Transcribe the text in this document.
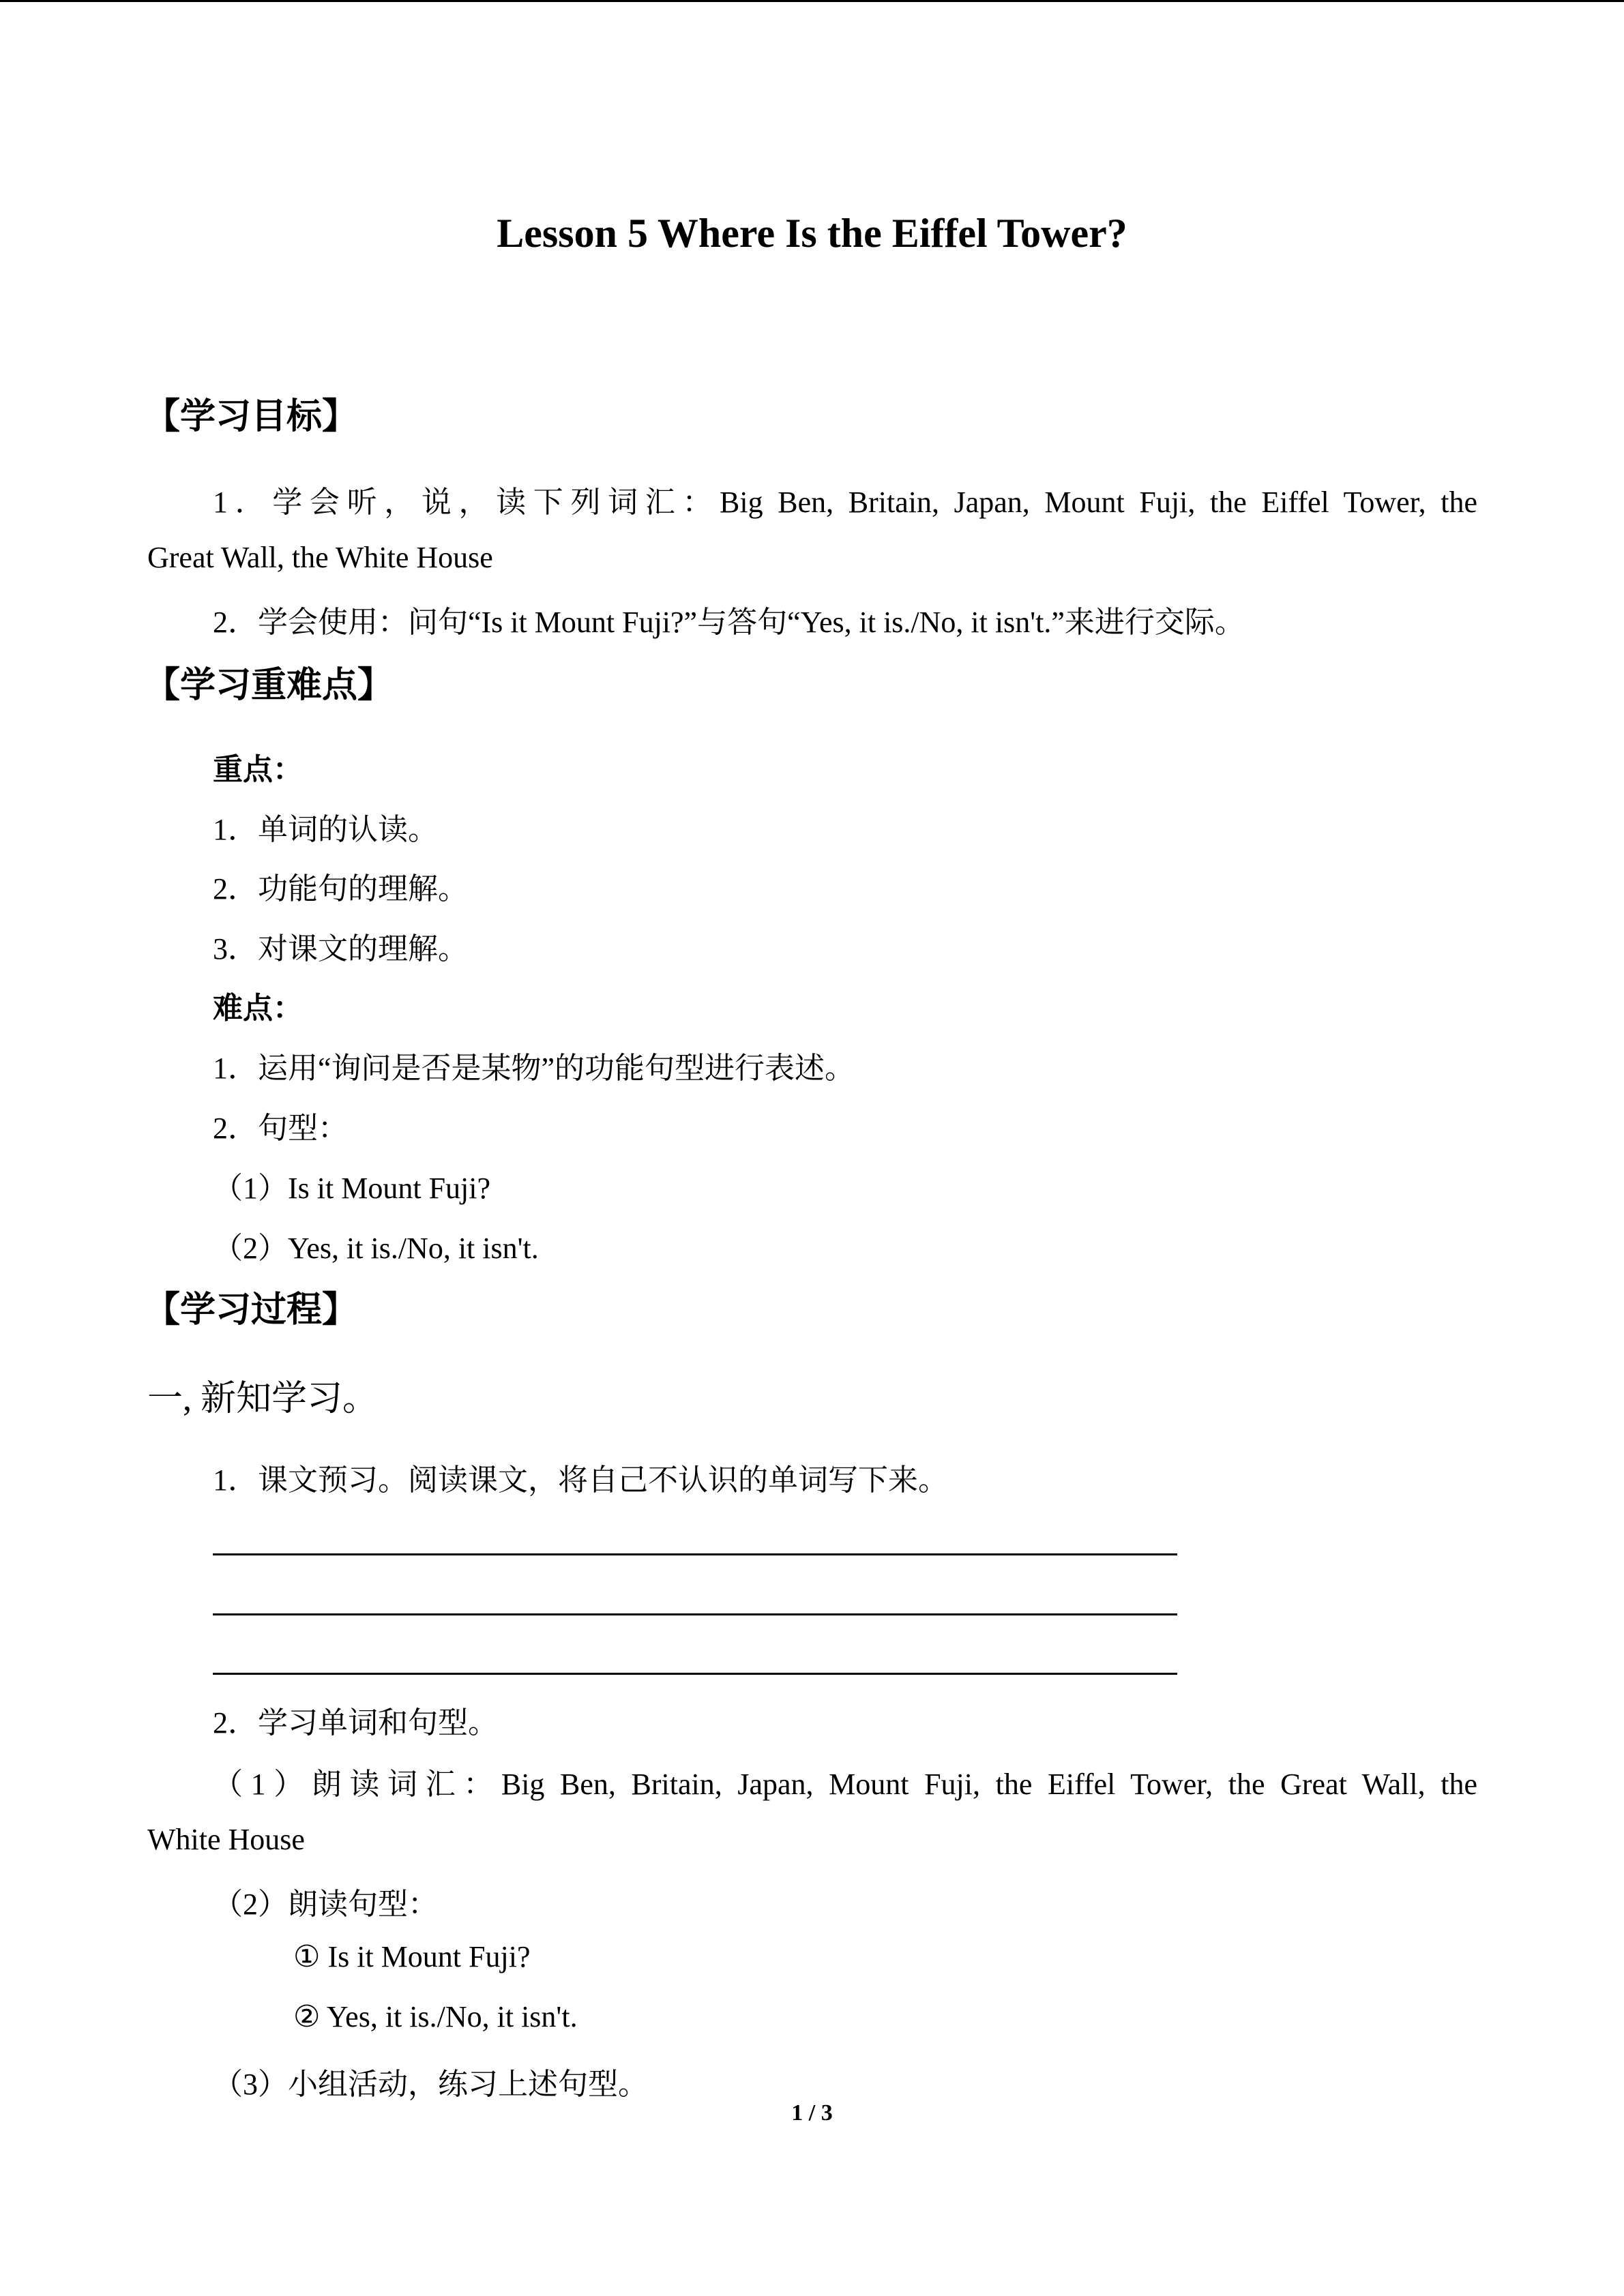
Lesson 5 Where Is the Eiffel Tower?
【学习目标】
1．学会听，说，读下列词汇：Big Ben, Britain, Japan, Mount Fuji, the Eiffel Tower, the
Great Wall, the White House
2．学会使用：问句“Is it Mount Fuji?”与答句“Yes, it is./No, it isn't.”来进行交际。
【学习重难点】
重点：
1．单词的认读。
2．功能句的理解。
3．对课文的理解。
难点：
1．运用“询问是否是某物”的功能句型进行表述。
2．句型：
（1）Is it Mount Fuji?
（2）Yes, it is./No, it isn't.
【学习过程】
一, 新知学习。
1．课文预习。阅读课文，将自己不认识的单词写下来。
2．学习单词和句型。
（1）朗读词汇：Big Ben, Britain, Japan, Mount Fuji, the Eiffel Tower, the Great Wall, the
White House
（2）朗读句型：
① Is it Mount Fuji?
② Yes, it is./No, it isn't.
（3）小组活动，练习上述句型。
1 / 3
